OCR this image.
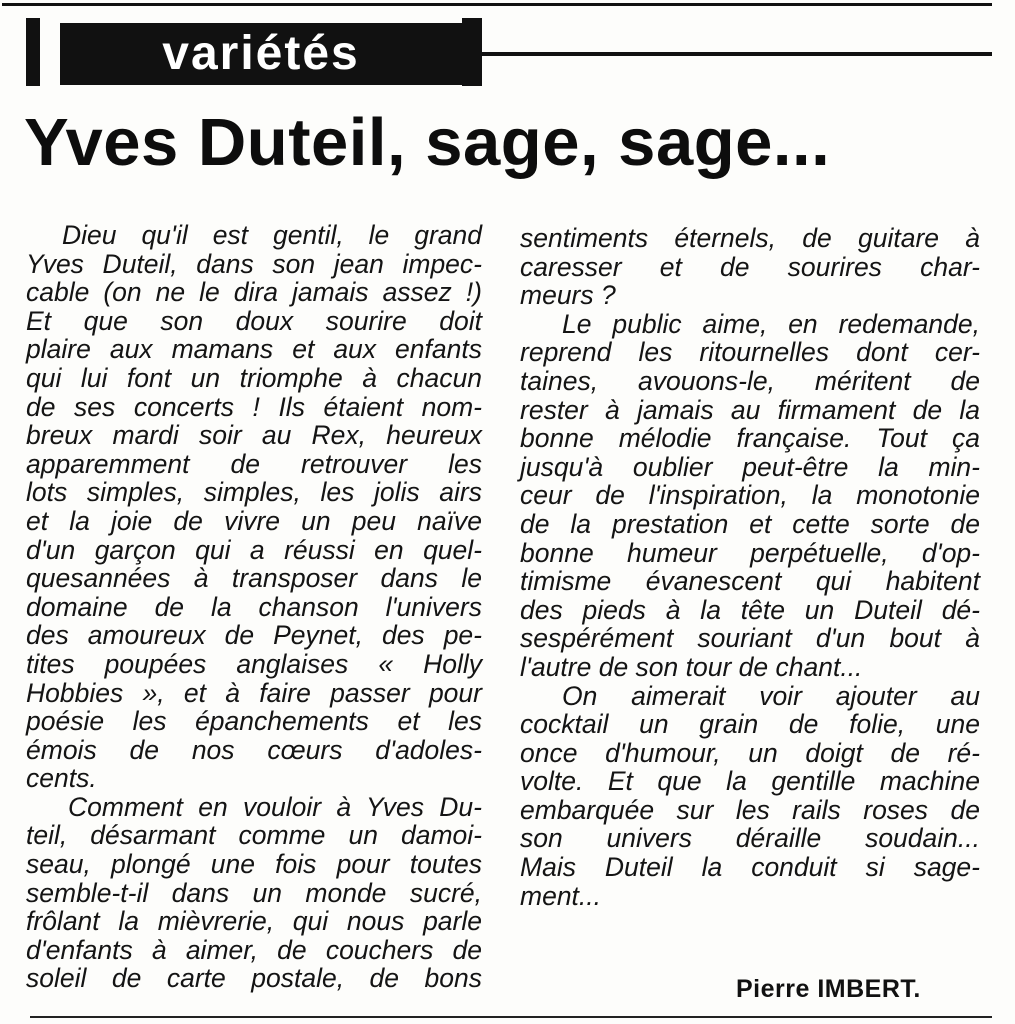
variétés
Yves Duteil, sage, sage...
Dieu qu'il est gentil, le grand
Yves Duteil, dans son jean impec-
cable (on ne le dira jamais assez !)
Et que son doux sourire doit
plaire aux mamans et aux enfants
qui lui font un triomphe à chacun
de ses concerts ! Ils étaient nom-
breux mardi soir au Rex, heureux
apparemment de retrouver les
lots simples, simples, les jolis airs
et la joie de vivre un peu naïve
d'un garçon qui a réussi en quel-
quesannées à transposer dans le
domaine de la chanson l'univers
des amoureux de Peynet, des pe-
tites poupées anglaises « Holly
Hobbies », et à faire passer pour
poésie les épanchements et les
émois de nos cœurs d'adoles-
cents.
Comment en vouloir à Yves Du-
teil, désarmant comme un damoi-
seau, plongé une fois pour toutes
semble-t-il dans un monde sucré,
frôlant la mièvrerie, qui nous parle
d'enfants à aimer, de couchers de
soleil de carte postale, de bons
sentiments éternels, de guitare à
caresser et de sourires char-
meurs ?
Le public aime, en redemande,
reprend les ritournelles dont cer-
taines, avouons-le, méritent de
rester à jamais au firmament de la
bonne mélodie française. Tout ça
jusqu'à oublier peut-être la min-
ceur de l'inspiration, la monotonie
de la prestation et cette sorte de
bonne humeur perpétuelle, d'op-
timisme évanescent qui habitent
des pieds à la tête un Duteil dé-
sespérément souriant d'un bout à
l'autre de son tour de chant...
On aimerait voir ajouter au
cocktail un grain de folie, une
once d'humour, un doigt de ré-
volte. Et que la gentille machine
embarquée sur les rails roses de
son univers déraille soudain...
Mais Duteil la conduit si sage-
ment...
Pierre IMBERT.
